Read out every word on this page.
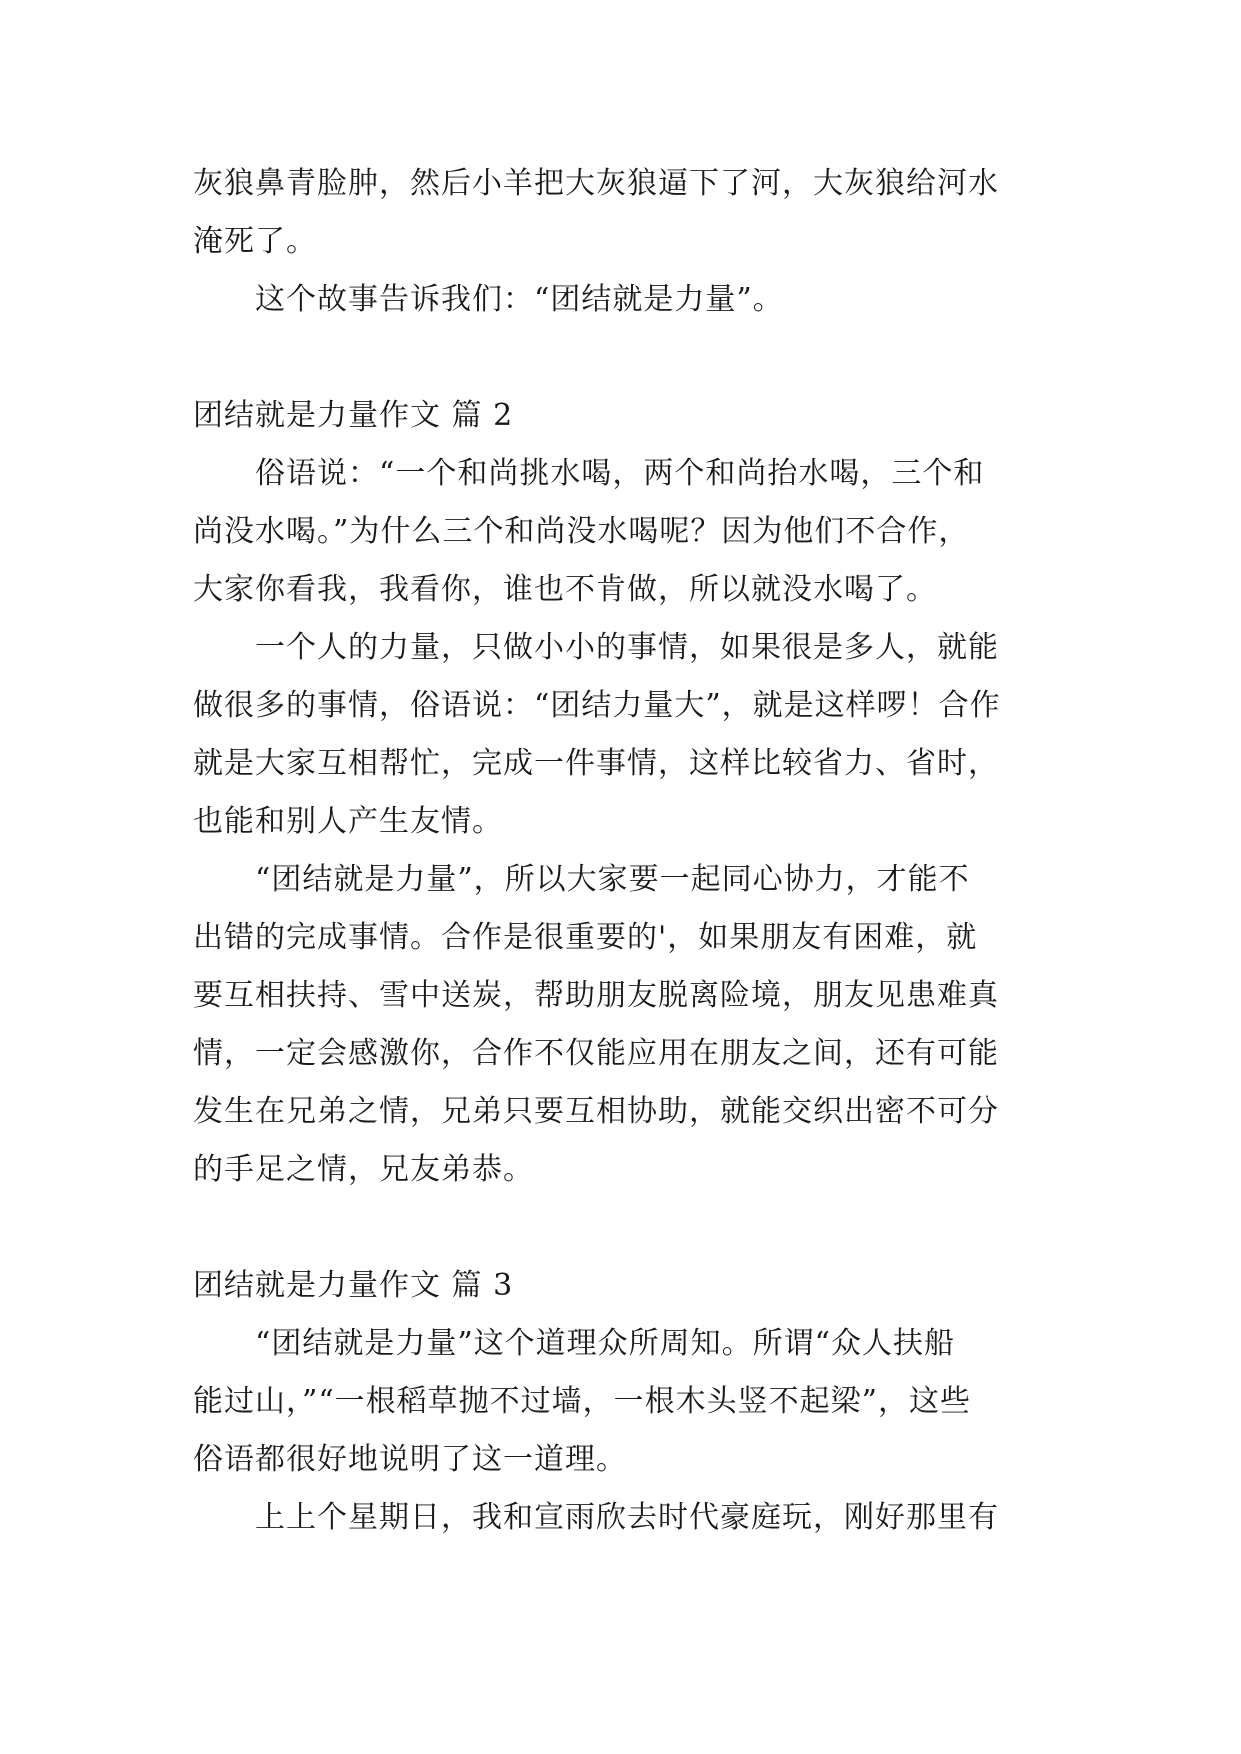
灰狼鼻青脸肿，然后小羊把大灰狼逼下了河，大灰狼给河水
淹死了。
这个故事告诉我们：“团结就是力量”。
团结就是力量作文 篇 2
俗语说：“一个和尚挑水喝，两个和尚抬水喝，三个和
尚没水喝。”为什么三个和尚没水喝呢？因为他们不合作，
大家你看我，我看你，谁也不肯做，所以就没水喝了。
一个人的力量，只做小小的事情，如果很是多人，就能
做很多的事情，俗语说：“团结力量大”，就是这样啰！合作
就是大家互相帮忙，完成一件事情，这样比较省力、省时，
也能和别人产生友情。
“团结就是力量”，所以大家要一起同心协力，才能不
出错的完成事情。合作是很重要的'，如果朋友有困难，就
要互相扶持、雪中送炭，帮助朋友脱离险境，朋友见患难真
情，一定会感激你，合作不仅能应用在朋友之间，还有可能
发生在兄弟之情，兄弟只要互相协助，就能交织出密不可分
的手足之情，兄友弟恭。
团结就是力量作文 篇 3
“团结就是力量”这个道理众所周知。所谓“众人扶船
能过山，”“一根稻草抛不过墙，一根木头竖不起梁”，这些
俗语都很好地说明了这一道理。
上上个星期日，我和宣雨欣去时代豪庭玩，刚好那里有
